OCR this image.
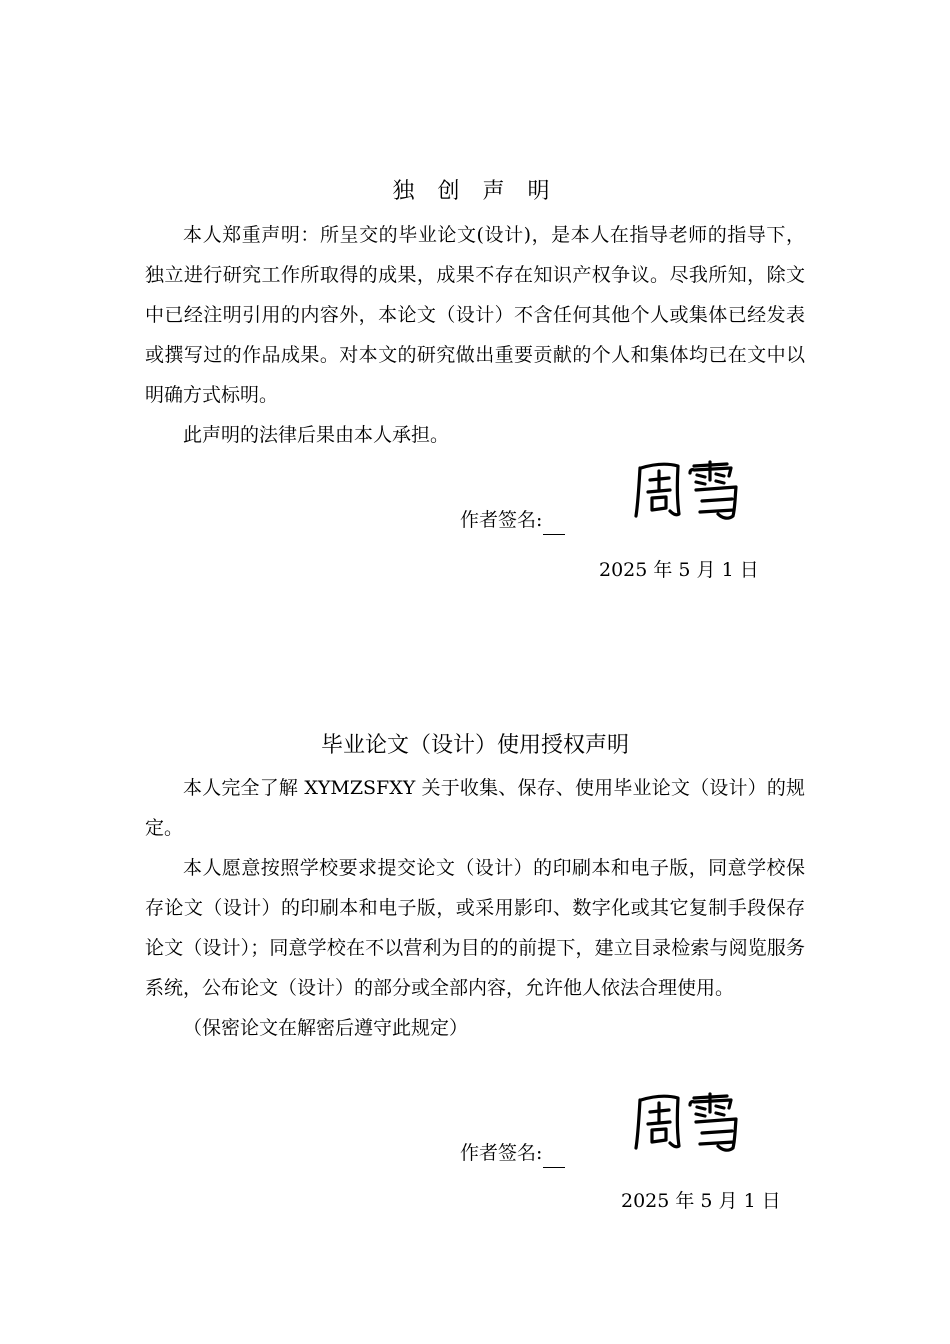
独 创 声 明

本人郑重声明：所呈交的毕业论文(设计)，是本人在指导老师的指导下，独立进行研究工作所取得的成果，成果不存在知识产权争议。尽我所知，除文中已经注明引用的内容外，本论文（设计）不含任何其他个人或集体已经发表或撰写过的作品成果。对本文的研究做出重要贡献的个人和集体均已在文中以明确方式标明。

此声明的法律后果由本人承担。

作者签名:
2025 年 5 月 1 日
毕业论文（设计）使用授权声明

本人完全了解 XYMZSFXY 关于收集、保存、使用毕业论文（设计）的规定。

本人愿意按照学校要求提交论文（设计）的印刷本和电子版，同意学校保存论文（设计）的印刷本和电子版，或采用影印、数字化或其它复制手段保存论文（设计）；同意学校在不以营利为目的的前提下，建立目录检索与阅览服务系统，公布论文（设计）的部分或全部内容，允许他人依法合理使用。

（保密论文在解密后遵守此规定）

作者签名:
2025 年 5 月 1 日
